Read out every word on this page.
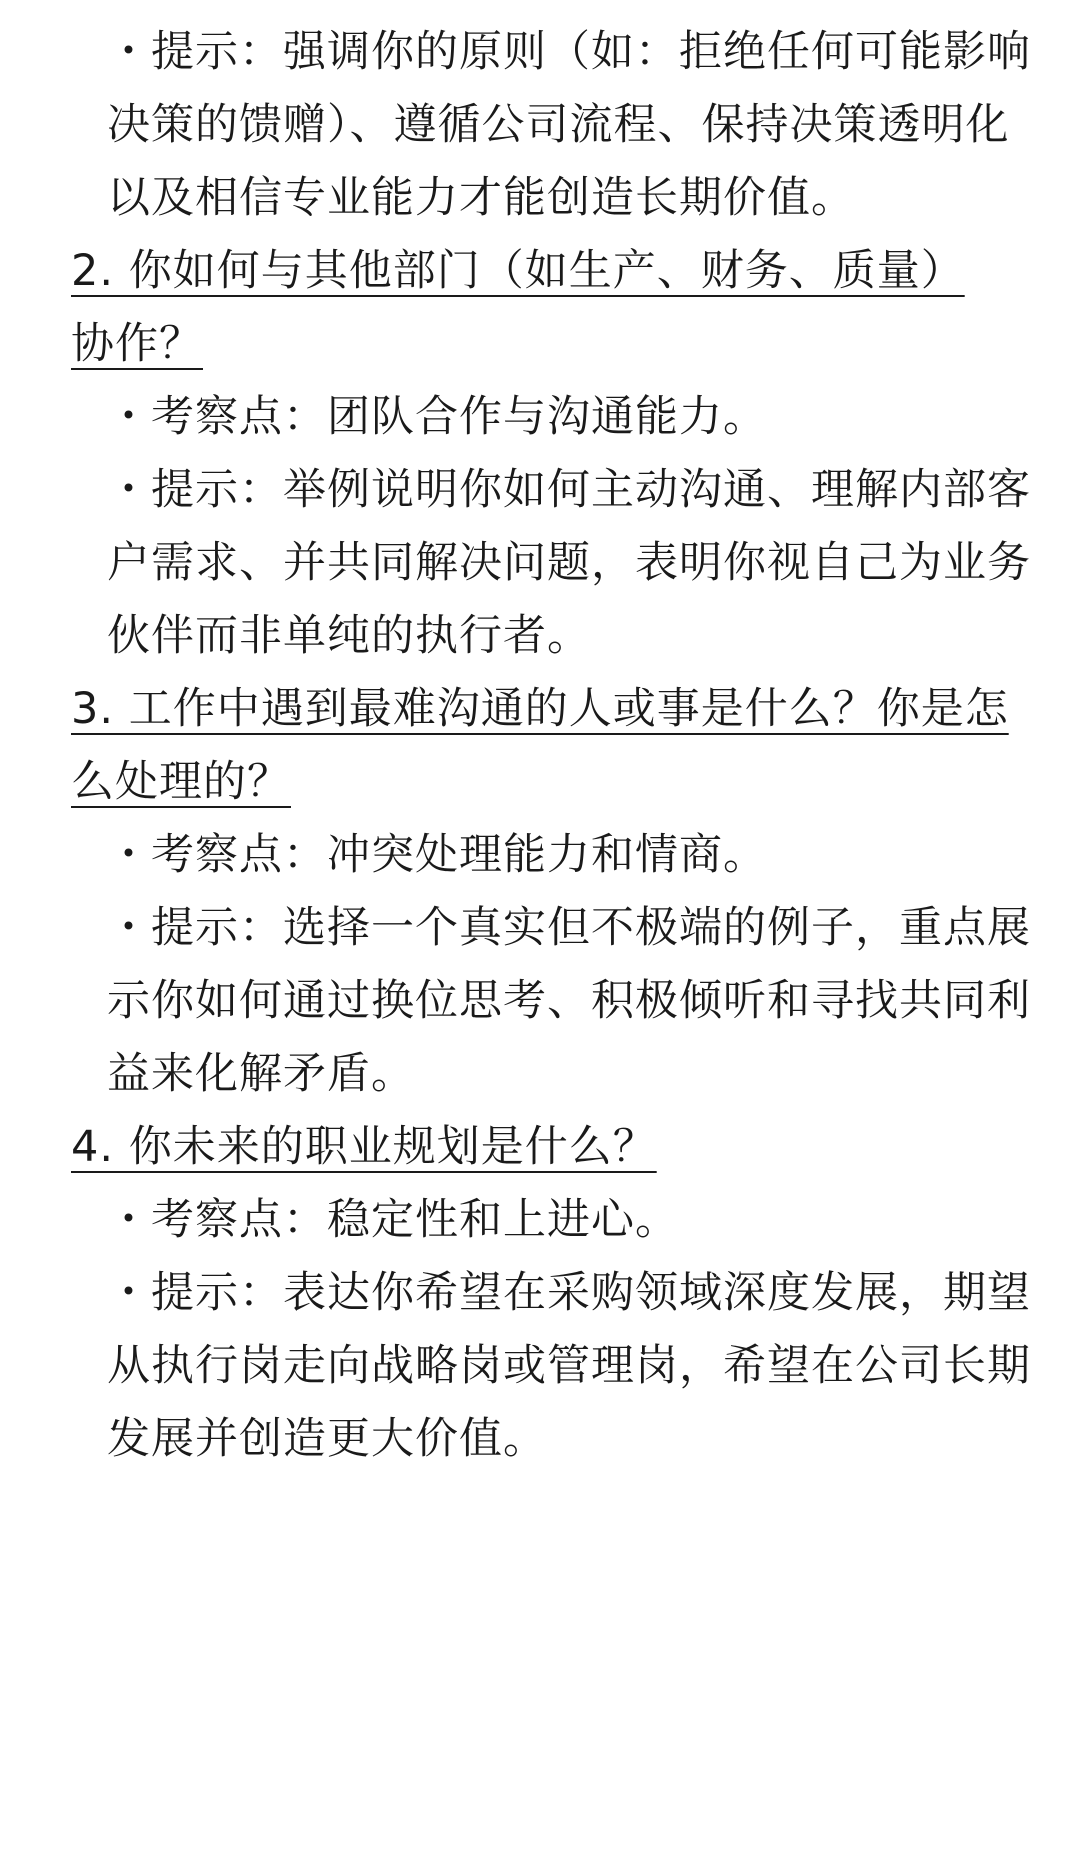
・提示：强调你的原则（如：拒绝任何可能影响决策的馈赠）、遵循公司流程、保持决策透明化以及相信专业能力才能创造长期价值。

2. 你如何与其他部门（如生产、财务、质量）协作？

・考察点：团队合作与沟通能力。

・提示：举例说明你如何主动沟通、理解内部客户需求、并共同解决问题，表明你视自己为业务伙伴而非单纯的执行者。

3. 工作中遇到最难沟通的人或事是什么？你是怎么处理的？

・考察点：冲突处理能力和情商。

・提示：选择一个真实但不极端的例子，重点展示你如何通过换位思考、积极倾听和寻找共同利益来化解矛盾。

4. 你未来的职业规划是什么？

・考察点：稳定性和上进心。

・提示：表达你希望在采购领域深度发展，期望从执行岗走向战略岗或管理岗，希望在公司长期发展并创造更大价值。
